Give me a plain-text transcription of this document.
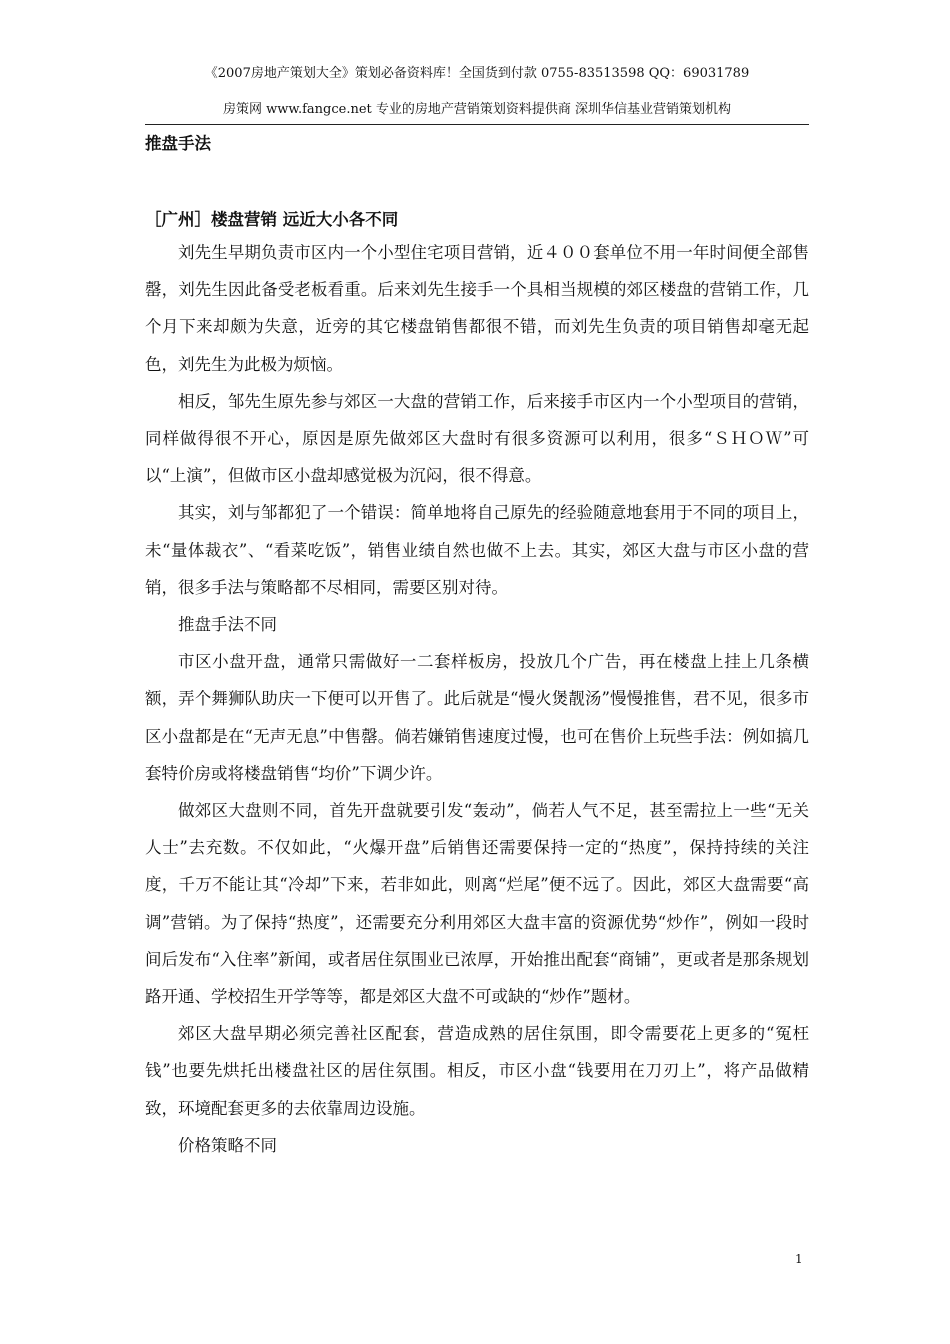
《2007房地产策划大全》策划必备资料库！全国货到付款 0755-83513598 QQ：69031789
房策网 www.fangce.net 专业的房地产营销策划资料提供商 深圳华信基业营销策划机构
推盘手法
［广州］楼盘营销 远近大小各不同

刘先生早期负责市区内一个小型住宅项目营销，近４００套单位不用一年时间便全部售罄，刘先生因此备受老板看重。后来刘先生接手一个具相当规模的郊区楼盘的营销工作，几个月下来却颇为失意，近旁的其它楼盘销售都很不错，而刘先生负责的项目销售却毫无起色，刘先生为此极为烦恼。

相反，邹先生原先参与郊区一大盘的营销工作，后来接手市区内一个小型项目的营销，同样做得很不开心，原因是原先做郊区大盘时有很多资源可以利用，很多“ＳＨＯＷ”可以“上演”，但做市区小盘却感觉极为沉闷，很不得意。

其实，刘与邹都犯了一个错误：简单地将自己原先的经验随意地套用于不同的项目上，未“量体裁衣”、“看菜吃饭”，销售业绩自然也做不上去。其实，郊区大盘与市区小盘的营销，很多手法与策略都不尽相同，需要区别对待。

推盘手法不同

市区小盘开盘，通常只需做好一二套样板房，投放几个广告，再在楼盘上挂上几条横额，弄个舞狮队助庆一下便可以开售了。此后就是“慢火煲靓汤”慢慢推售，君不见，很多市区小盘都是在“无声无息”中售罄。倘若嫌销售速度过慢，也可在售价上玩些手法：例如搞几套特价房或将楼盘销售“均价”下调少许。

做郊区大盘则不同，首先开盘就要引发“轰动”，倘若人气不足，甚至需拉上一些“无关人士”去充数。不仅如此，“火爆开盘”后销售还需要保持一定的“热度”，保持持续的关注度，千万不能让其“冷却”下来，若非如此，则离“烂尾”便不远了。因此，郊区大盘需要“高调”营销。为了保持“热度”，还需要充分利用郊区大盘丰富的资源优势“炒作”，例如一段时间后发布“入住率”新闻，或者居住氛围业已浓厚，开始推出配套“商铺”，更或者是那条规划路开通、学校招生开学等等，都是郊区大盘不可或缺的“炒作”题材。

郊区大盘早期必须完善社区配套，营造成熟的居住氛围，即令需要花上更多的“冤枉钱”也要先烘托出楼盘社区的居住氛围。相反，市区小盘“钱要用在刀刃上”，将产品做精致，环境配套更多的去依靠周边设施。

价格策略不同

1
